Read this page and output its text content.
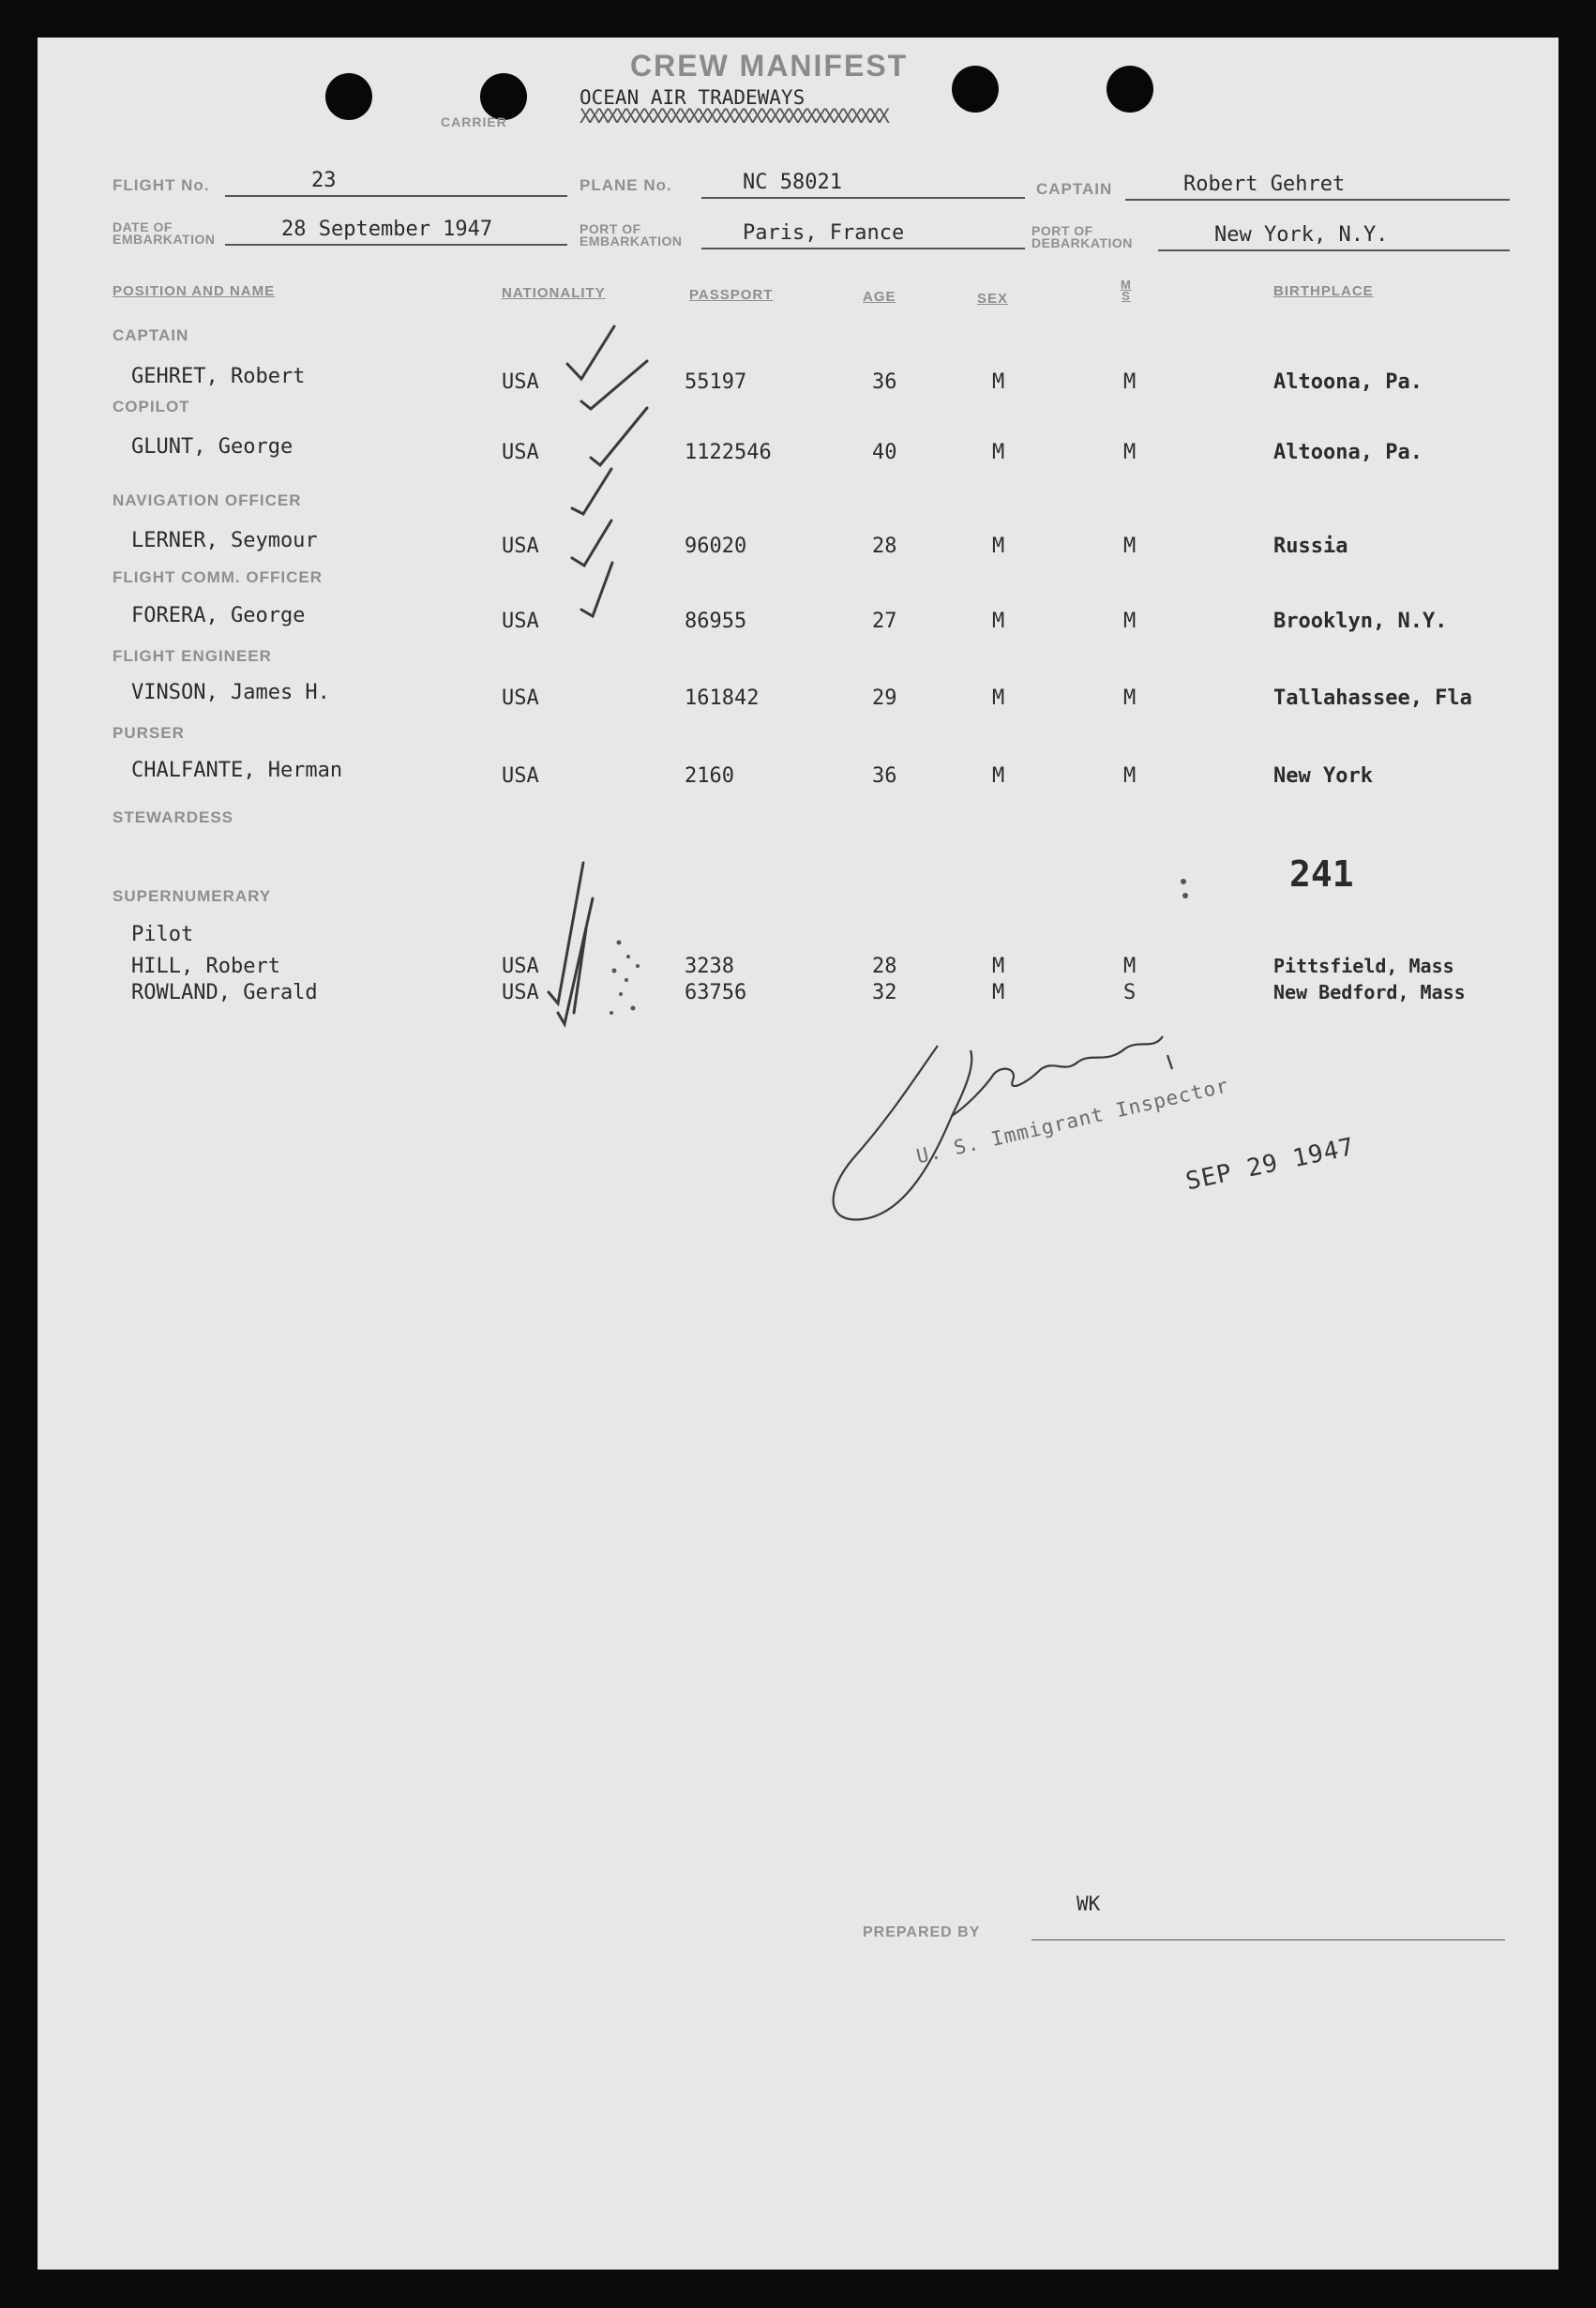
CREW MANIFEST
CARRIER
OCEAN AIR TRADEWAYS
XXXXXXXXXXXXXXXXXXXXXXXXXXXXXXXXXX
FLIGHT No.	23	PLANE No.	NC 58021	CAPTAIN	Robert Gehret
DATE OF
EMBARKATION	28 September 1947	PORT OF
EMBARKATION	Paris, France	PORT OF
DEBARKATION	New York, N.Y.
POSITION AND NAME	NATIONALITY	PASSPORT	AGE	SEX
M
S	BIRTHPLACE
CAPTAIN
GEHRET, Robert	USA	55197	36	M	M	Altoona, Pa.
COPILOT
GLUNT, George	USA	1122546	40	M	M	Altoona, Pa.
NAVIGATION OFFICER
LERNER, Seymour	USA	96020	28	M	M	Russia
FLIGHT COMM. OFFICER
FORERA, George	USA	86955	27	M	M	Brooklyn, N.Y.
FLIGHT ENGINEER
VINSON, James H.	USA	161842	29	M	M	Tallahassee, Fla
PURSER
CHALFANTE, Herman	USA	2160	36	M	M	New York
STEWARDESS
241
SUPERNUMERARY
Pilot
HILL, Robert	USA	3238	28	M	M	Pittsfield, Mass
ROWLAND, Gerald	USA	63756	32	M	S	New Bedford, Mass
U. S. Immigrant Inspector
SEP 29 1947
WK
PREPARED BY
